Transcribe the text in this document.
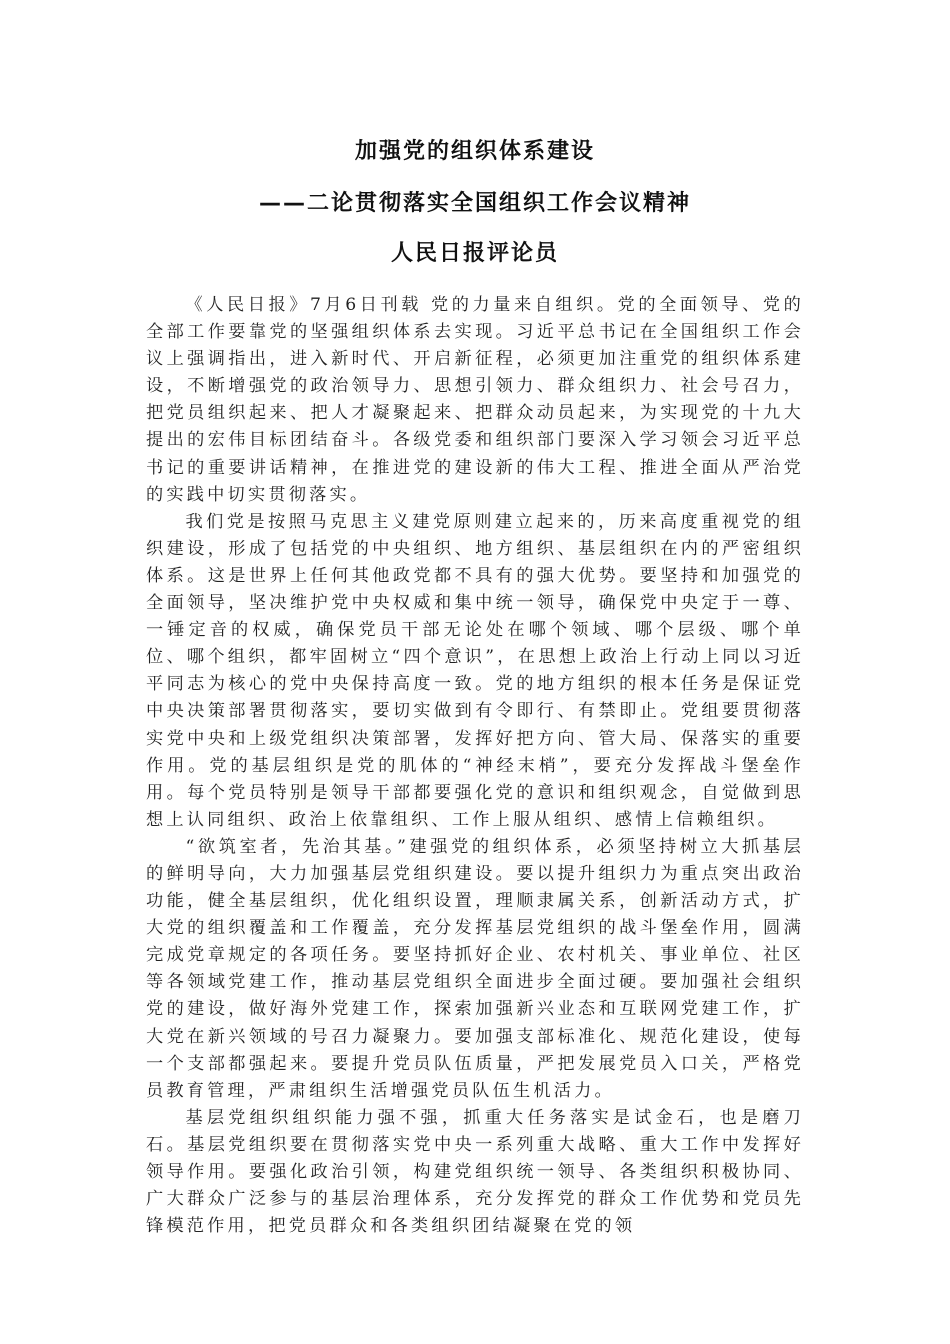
加强党的组织体系建设
——二论贯彻落实全国组织工作会议精神
人民日报评论员

《人民日报》7月6日刊载 党的力量来自组织。党的全面领导、党的全部工作要靠党的坚强组织体系去实现。习近平总书记在全国组织工作会议上强调指出，进入新时代、开启新征程，必须更加注重党的组织体系建设，不断增强党的政治领导力、思想引领力、群众组织力、社会号召力，把党员组织起来、把人才凝聚起来、把群众动员起来，为实现党的十九大提出的宏伟目标团结奋斗。各级党委和组织部门要深入学习领会习近平总书记的重要讲话精神，在推进党的建设新的伟大工程、推进全面从严治党的实践中切实贯彻落实。

我们党是按照马克思主义建党原则建立起来的，历来高度重视党的组织建设，形成了包括党的中央组织、地方组织、基层组织在内的严密组织体系。这是世界上任何其他政党都不具有的强大优势。要坚持和加强党的全面领导，坚决维护党中央权威和集中统一领导，确保党中央定于一尊、一锤定音的权威，确保党员干部无论处在哪个领域、哪个层级、哪个单位、哪个组织，都牢固树立“四个意识”，在思想上政治上行动上同以习近平同志为核心的党中央保持高度一致。党的地方组织的根本任务是保证党中央决策部署贯彻落实，要切实做到有令即行、有禁即止。党组要贯彻落实党中央和上级党组织决策部署，发挥好把方向、管大局、保落实的重要作用。党的基层组织是党的肌体的“神经末梢”，要充分发挥战斗堡垒作用。每个党员特别是领导干部都要强化党的意识和组织观念，自觉做到思想上认同组织、政治上依靠组织、工作上服从组织、感情上信赖组织。

“欲筑室者，先治其基。”建强党的组织体系，必须坚持树立大抓基层的鲜明导向，大力加强基层党组织建设。要以提升组织力为重点突出政治功能，健全基层组织，优化组织设置，理顺隶属关系，创新活动方式，扩大党的组织覆盖和工作覆盖，充分发挥基层党组织的战斗堡垒作用，圆满完成党章规定的各项任务。要坚持抓好企业、农村机关、事业单位、社区等各领域党建工作，推动基层党组织全面进步全面过硬。要加强社会组织党的建设，做好海外党建工作，探索加强新兴业态和互联网党建工作，扩大党在新兴领域的号召力凝聚力。要加强支部标准化、规范化建设，使每一个支部都强起来。要提升党员队伍质量，严把发展党员入口关，严格党员教育管理，严肃组织生活增强党员队伍生机活力。

基层党组织组织能力强不强，抓重大任务落实是试金石，也是磨刀石。基层党组织要在贯彻落实党中央一系列重大战略、重大工作中发挥好领导作用。要强化政治引领，构建党组织统一领导、各类组织积极协同、广大群众广泛参与的基层治理体系，充分发挥党的群众工作优势和党员先锋模范作用，把党员群众和各类组织团结凝聚在党的领
